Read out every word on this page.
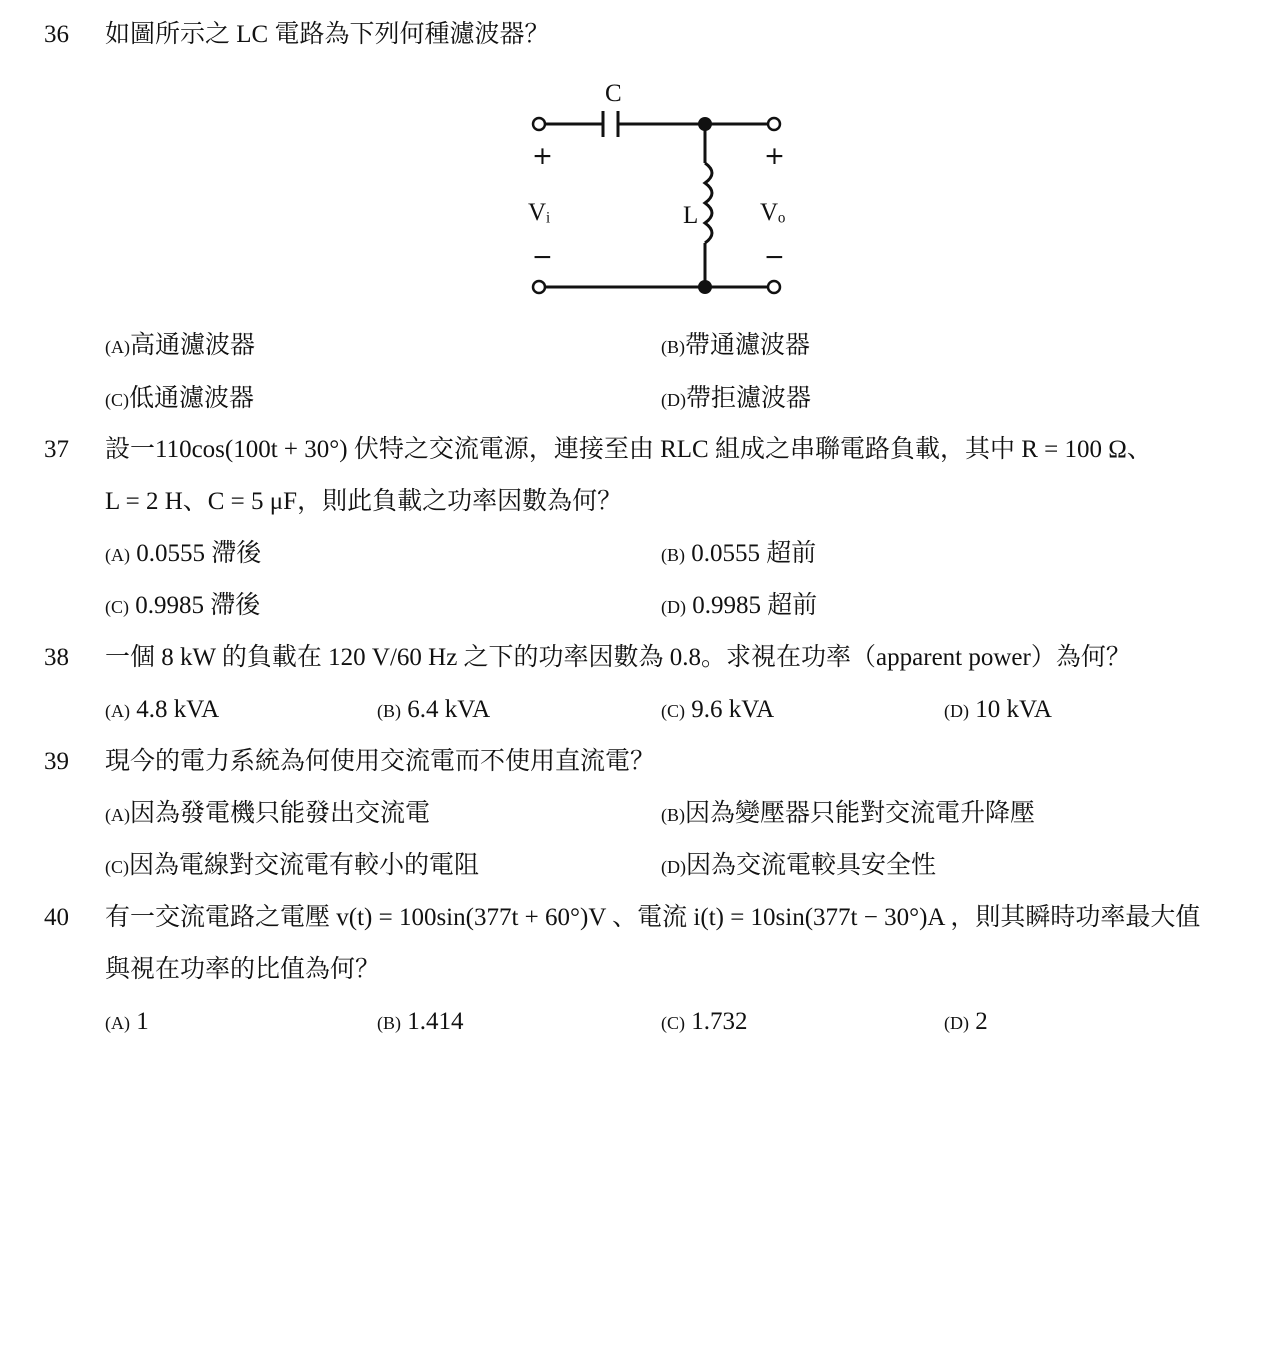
36 如圖所示之 LC 電路為下列何種濾波器？
C
L
Vᵢ	Vₒ
+	+
−	−
(A)高通濾波器	(B)帶通濾波器
(C)低通濾波器	(D)帶拒濾波器
37 設一110cos(100t + 30°) 伏特之交流電源，連接至由 RLC 組成之串聯電路負載，其中 R = 100 Ω、
L = 2 H、C = 5 μF，則此負載之功率因數為何？
(A) 0.0555 滯後	(B) 0.0555 超前
(C) 0.9985 滯後	(D) 0.9985 超前
38 一個 8 kW 的負載在 120 V/60 Hz 之下的功率因數為 0.8。求視在功率（apparent power）為何？
(A) 4.8 kVA	(B) 6.4 kVA	(C) 9.6 kVA	(D) 10 kVA
39 現今的電力系統為何使用交流電而不使用直流電？
(A)因為發電機只能發出交流電	(B)因為變壓器只能對交流電升降壓
(C)因為電線對交流電有較小的電阻	(D)因為交流電較具安全性
40 有一交流電路之電壓 v(t) = 100sin(377t + 60°)V 、電流 i(t) = 10sin(377t − 30°)A ，則其瞬時功率最大值
與視在功率的比值為何？
(A) 1	(B) 1.414	(C) 1.732	(D) 2
